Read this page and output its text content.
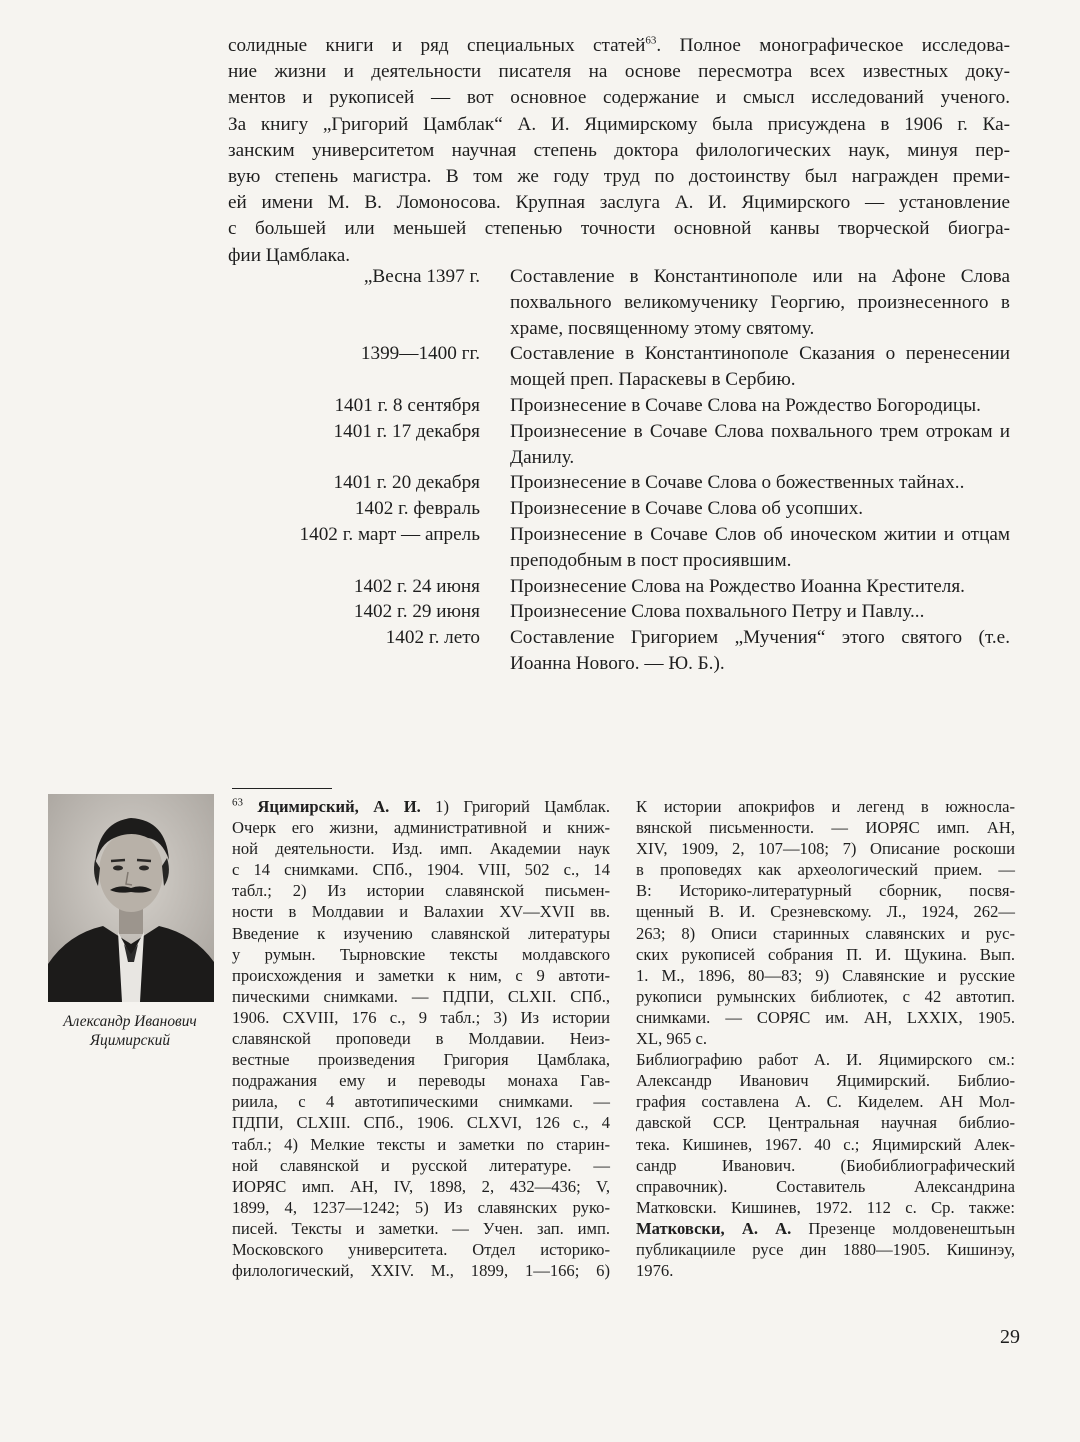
солидные книги и ряд специальных статей$^{63}$. Полное монографическое исследова-
ние жизни и деятельности писателя на основе пересмотра всех известных доку-
ментов и рукописей — вот основное содержание и смысл исследований ученого.
За книгу „Григорий Цамблак“ А. И. Яцимирскому была присуждена в 1906 г. Ка-
занским университетом научная степень доктора филологических наук, минуя пер-
вую степень магистра. В том же году труд по достоинству был награжден преми-
ей имени М. В. Ломоносова. Крупная заслуга А. И. Яцимирского — установление
с большей или меньшей степенью точности основной канвы творческой биогра-
фии Цамблака.
„Весна 1397 г. Составление в Константинополе или на Афоне Слова похвального великомученику Георгию, произнесенного в храме, посвященному этому святому.
1399—1400 гг. Составление в Константинополе Сказания о перенесении мощей преп. Параскевы в Сербию.
1401 г. 8 сентября Произнесение в Сочаве Слова на Рождество Богородицы.
1401 г. 17 декабря Произнесение в Сочаве Слова похвального трем отрокам и Данилу.
1401 г. 20 декабря Произнесение в Сочаве Слова о божественных тайнах..
1402 г. февраль Произнесение в Сочаве Слова об усопших.
1402 г. март — апрель Произнесение в Сочаве Слов об иноческом житии и отцам преподобным в пост просиявшим.
1402 г. 24 июня Произнесение Слова на Рождество Иоанна Крестителя.
1402 г. 29 июня Произнесение Слова похвального Петру и Павлу...
1402 г. лето Составление Григорием „Мучения“ этого святого (т.е. Иоанна Нового. — Ю. Б.).
Александр Иванович
Яцимирский
$^{63}$ Яцимирский, А. И. 1) Григорий Цамблак.
Очерк его жизни, административной и книж-
ной деятельности. Изд. имп. Академии наук
с 14 снимками. СПб., 1904. VIII, 502 с., 14
табл.; 2) Из истории славянской письмен-
ности в Молдавии и Валахии XV—XVII вв.
Введение к изучению славянской литературы
у румын. Тырновские тексты молдавского
происхождения и заметки к ним, с 9 автоти-
пическими снимками. — ПДПИ, CLXII. СПб.,
1906. CXVIII, 176 с., 9 табл.; 3) Из истории
славянской проповеди в Молдавии. Неиз-
вестные произведения Григория Цамблака,
подражания ему и переводы монаха Гав-
риила, с 4 автотипическими снимками. —
ПДПИ, CLXIII. СПб., 1906. CLXVI, 126 с., 4
табл.; 4) Мелкие тексты и заметки по старин-
ной славянской и русской литературе. —
ИОРЯС имп. АН, IV, 1898, 2, 432—436; V,
1899, 4, 1237—1242; 5) Из славянских руко-
писей. Тексты и заметки. — Учен. зап. имп.
Московского университета. Отдел историко-
филологический, XXIV. М., 1899, 1—166; 6)
К истории апокрифов и легенд в южносла-
вянской письменности. — ИОРЯС имп. АН,
XIV, 1909, 2, 107—108; 7) Описание роскоши
в проповедях как археологический прием. —
В: Историко-литературный сборник, посвя-
щенный В. И. Срезневскому. Л., 1924, 262—
263; 8) Описи старинных славянских и рус-
ских рукописей собрания П. И. Щукина. Вып.
1. М., 1896, 80—83; 9) Славянские и русские
рукописи румынских библиотек, с 42 автотип.
снимками. — СОРЯС им. АН, LXXIX, 1905.
XL, 965 с.
Библиографию работ А. И. Яцимирского см.:
Александр Иванович Яцимирский. Библио-
графия составлена А. С. Киделем. АН Мол-
давской ССР. Центральная научная библио-
тека. Кишинев, 1967. 40 с.; Яцимирский Алек-
сандр Иванович. (Биобиблиографический
справочник). Составитель Александрина
Матковски. Кишинев, 1972. 112 с. Ср. также:
Матковски, А. А. Презенце молдовенештьын
публикацииле русе дин 1880—1905. Кишинэу,
1976.
29
